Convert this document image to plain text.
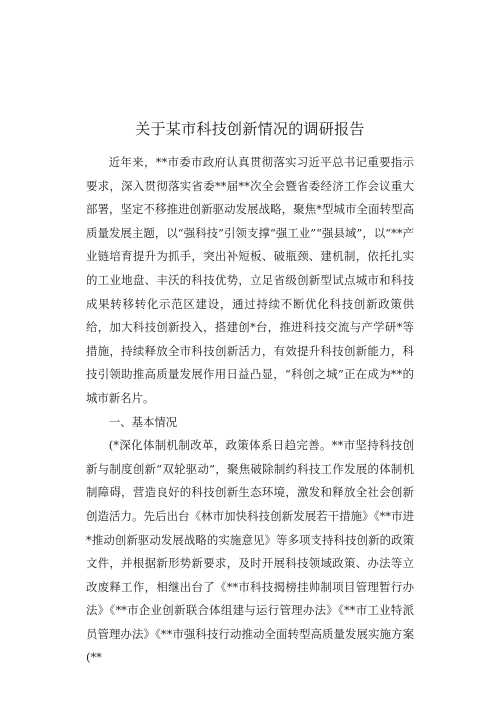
关于某市科技创新情况的调研报告

近年来，**市委市政府认真贯彻落实习近平总书记重要指示要求，深入贯彻落实省委**届**次全会暨省委经济工作会议重大部署，坚定不移推进创新驱动发展战略，聚焦*型城市全面转型高质量发展主题，以“强科技”引领支撑“强工业”“强县域”，以“**产业链培育提升为抓手，突出补短板、破瓶颈、建机制，依托扎实的工业地盘、丰沃的科技优势，立足省级创新型试点城市和科技成果转移转化示范区建设，通过持续不断优化科技创新政策供给，加大科技创新投入，搭建创*台，推进科技交流与产学研*等措施，持续释放全市科技创新活力，有效提升科技创新能力，科技引领助推高质量发展作用日益凸显，“科创之城”正在成为**的城市新名片。

一、基本情况

(*深化体制机制改革，政策体系日趋完善。**市坚持科技创新与制度创新“双轮驱动”，聚焦破除制约科技工作发展的体制机制障碍，营造良好的科技创新生态环境，激发和释放全社会创新创造活力。先后出台《林市加快科技创新发展若干措施》《**市进*推动创新驱动发展战略的实施意见》等多项支持科技创新的政策文件，并根据新形势新要求，及时开展科技领域政策、办法等立改废释工作，相继出台了《**市科技揭榜挂帅制项目管理暂行办法》《**市企业创新联合体组建与运行管理办法》《**市工业特派员管理办法》《**市强科技行动推动全面转型高质量发展实施方案(**
